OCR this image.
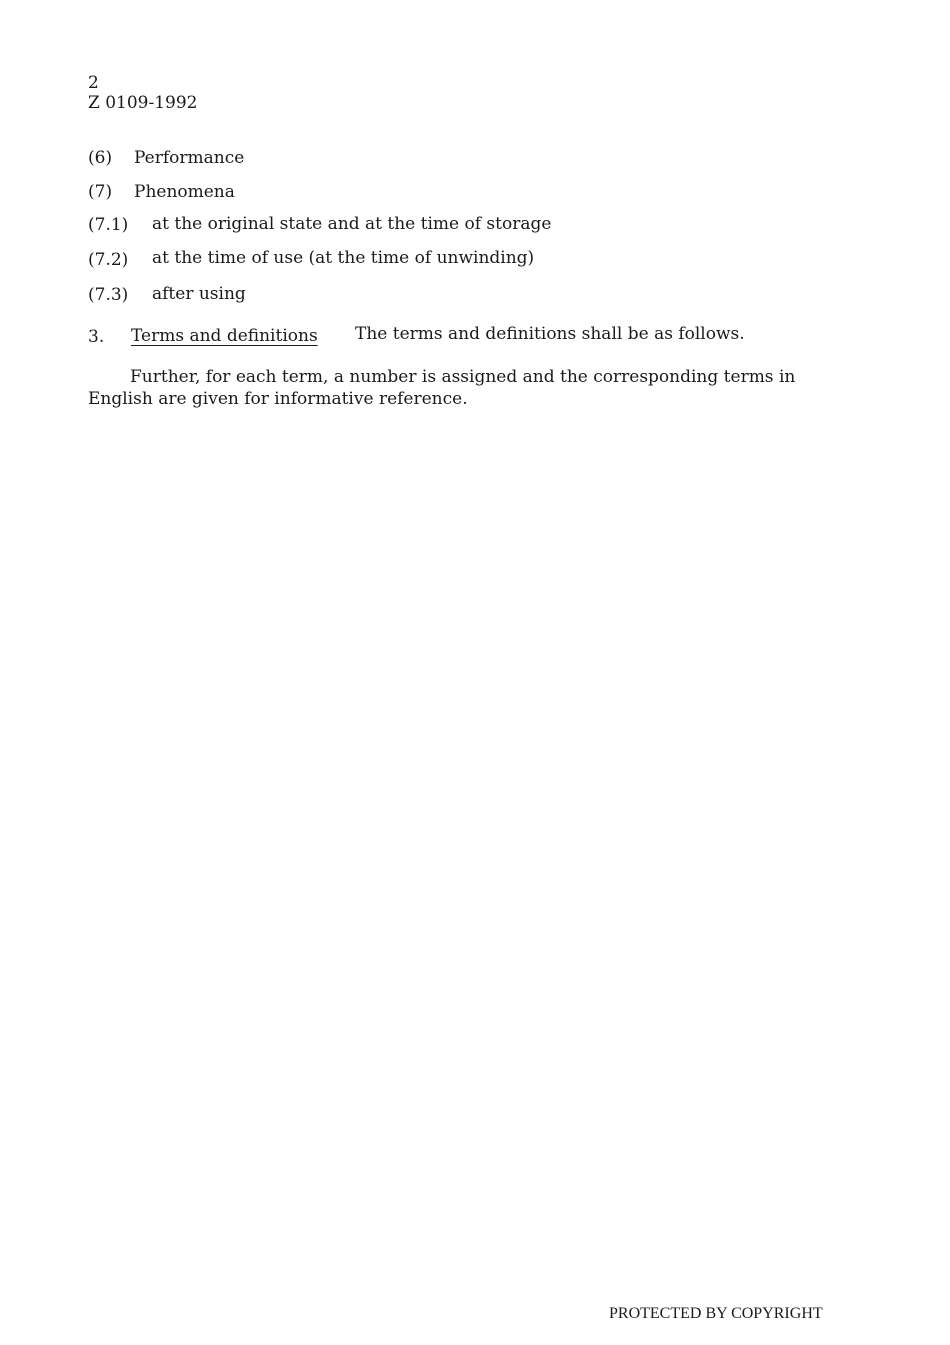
2
Z 0109-1992
(6) Performance
(7) Phenomena
(7.1) at the original state and at the time of storage
(7.2) at the time of use (at the time of unwinding)
(7.3) after using
3. Terms and definitions The terms and definitions shall be as follows.
Further, for each term, a number is assigned and the corresponding terms in
English are given for informative reference.
PROTECTED BY COPYRIGHT
